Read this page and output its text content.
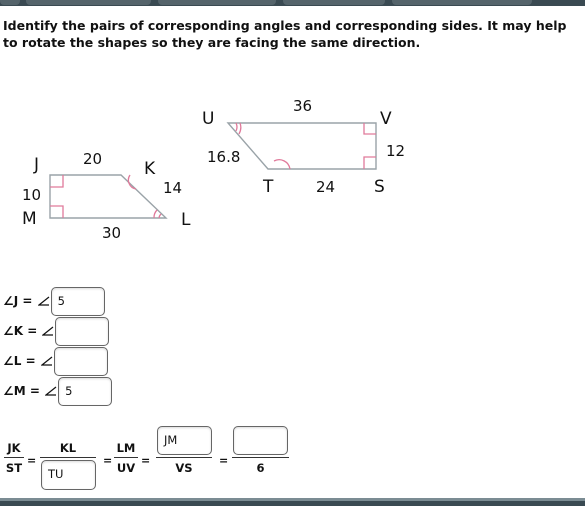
Identify the pairs of corresponding angles and corresponding sides. It may help to rotate the shapes so they are facing the same direction.
J	K
L
M
20
14
10
30
U	V
S
T
36
12
24
16.8
∠J =	5
∠K =
∠L =
∠M =	5
JK
ST
=
KL
TU
=
LM
UV
=
JM
VS
=
6
